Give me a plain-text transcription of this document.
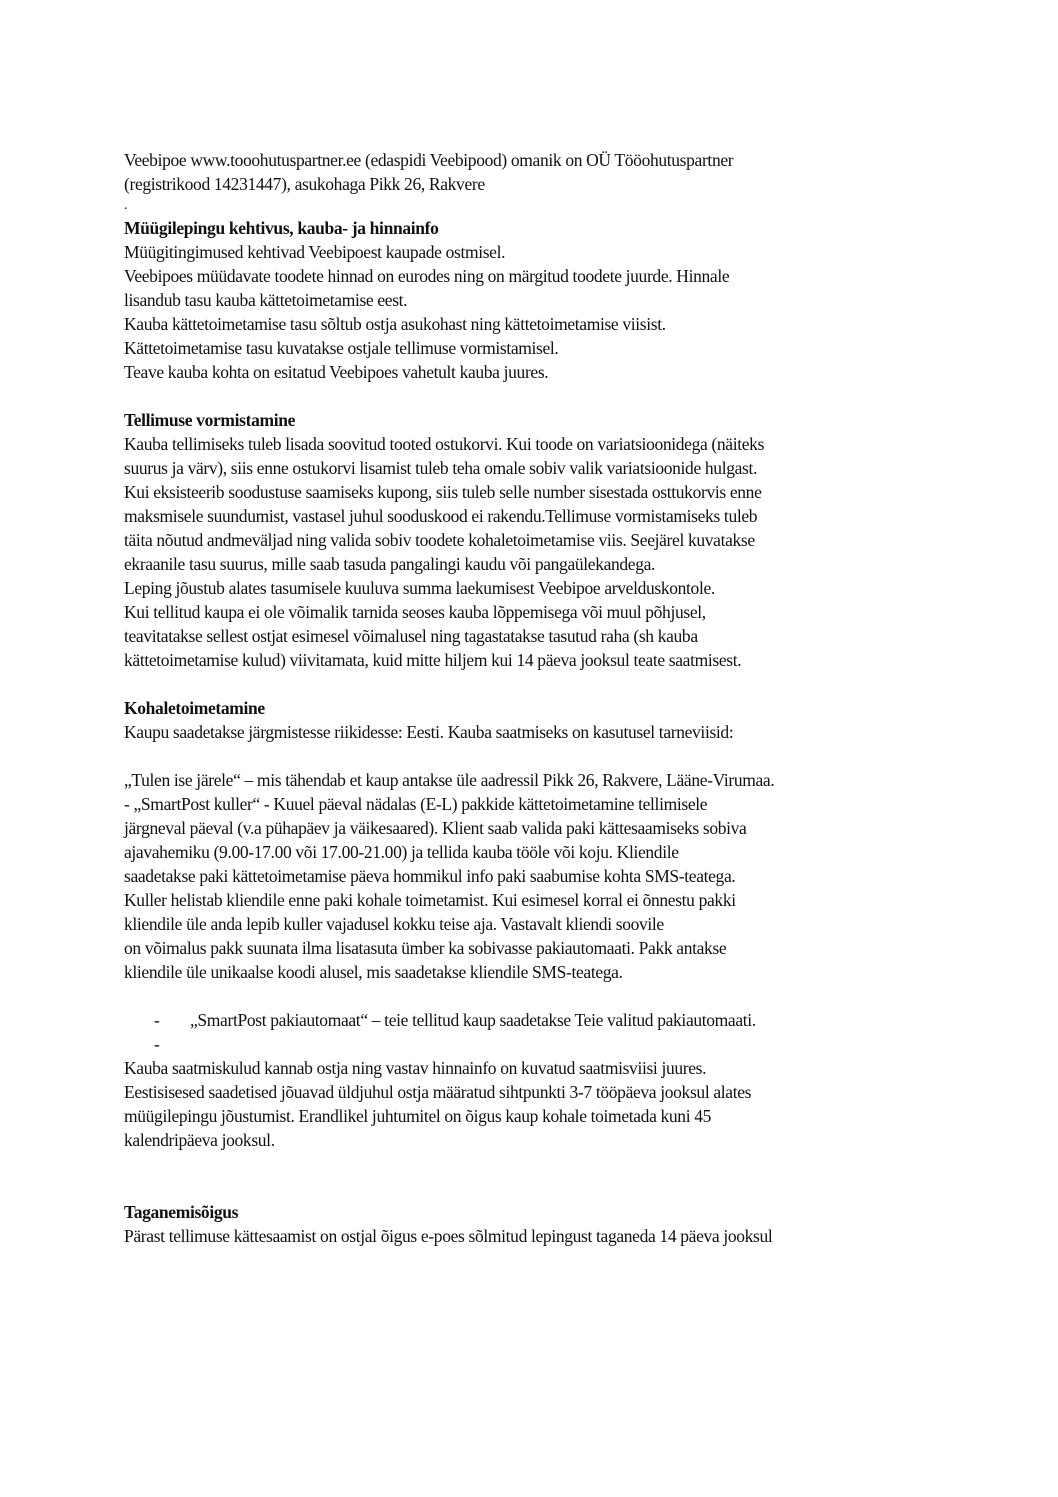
Veebipoe www.tooohutuspartner.ee (edaspidi Veebipood) omanik on OÜ Tööohutuspartner
(registrikood 14231447), asukohaga Pikk 26, Rakvere
.
Müügilepingu kehtivus, kauba- ja hinnainfo
Müügitingimused kehtivad Veebipoest kaupade ostmisel.
Veebipoes müüdavate toodete hinnad on eurodes ning on märgitud toodete juurde. Hinnale
lisandub tasu kauba kättetoimetamise eest.
Kauba kättetoimetamise tasu sõltub ostja asukohast ning kättetoimetamise viisist.
Kättetoimetamise tasu kuvatakse ostjale tellimuse vormistamisel.
Teave kauba kohta on esitatud Veebipoes vahetult kauba juures.
Tellimuse vormistamine
Kauba tellimiseks tuleb lisada soovitud tooted ostukorvi. Kui toode on variatsioonidega (näiteks
suurus ja värv), siis enne ostukorvi lisamist tuleb teha omale sobiv valik variatsioonide hulgast.
Kui eksisteerib soodustuse saamiseks kupong, siis tuleb selle number sisestada osttukorvis enne
maksmisele suundumist, vastasel juhul sooduskood ei rakendu.Tellimuse vormistamiseks tuleb
täita nõutud andmeväljad ning valida sobiv toodete kohaletoimetamise viis. Seejärel kuvatakse
ekraanile tasu suurus, mille saab tasuda pangalingi kaudu või pangaülekandega.
Leping jõustub alates tasumisele kuuluva summa laekumisest Veebipoe arvelduskontole.
Kui tellitud kaupa ei ole võimalik tarnida seoses kauba lõppemisega või muul põhjusel,
teavitatakse sellest ostjat esimesel võimalusel ning tagastatakse tasutud raha (sh kauba
kättetoimetamise kulud) viivitamata, kuid mitte hiljem kui 14 päeva jooksul teate saatmisest.
Kohaletoimetamine
Kaupu saadetakse järgmistesse riikidesse: Eesti. Kauba saatmiseks on kasutusel tarneviisid:
„Tulen ise järele“ – mis tähendab et kaup antakse üle aadressil Pikk 26, Rakvere, Lääne-Virumaa.
- „SmartPost kuller“ - Kuuel päeval nädalas (E-L) pakkide kättetoimetamine tellimisele
järgneval päeval (v.a pühapäev ja väikesaared). Klient saab valida paki kättesaamiseks sobiva
ajavahemiku (9.00-17.00 või 17.00-21.00) ja tellida kauba tööle või koju. Kliendile
saadetakse paki kättetoimetamise päeva hommikul info paki saabumise kohta SMS-teatega.
Kuller helistab kliendile enne paki kohale toimetamist. Kui esimesel korral ei õnnestu pakki
kliendile üle anda lepib kuller vajadusel kokku teise aja. Vastavalt kliendi soovile
on võimalus pakk suunata ilma lisatasuta ümber ka sobivasse pakiautomaati. Pakk antakse
kliendile üle unikaalse koodi alusel, mis saadetakse kliendile SMS-teatega.
-	„SmartPost pakiautomaat“ – teie tellitud kaup saadetakse Teie valitud pakiautomaati.
-
Kauba saatmiskulud kannab ostja ning vastav hinnainfo on kuvatud saatmisviisi juures.
Eestisisesed saadetised jõuavad üldjuhul ostja määratud sihtpunkti 3-7 tööpäeva jooksul alates
müügilepingu jõustumist. Erandlikel juhtumitel on õigus kaup kohale toimetada kuni 45
kalendripäeva jooksul.
Taganemisõigus
Pärast tellimuse kättesaamist on ostjal õigus e-poes sõlmitud lepingust taganeda 14 päeva jooksul
